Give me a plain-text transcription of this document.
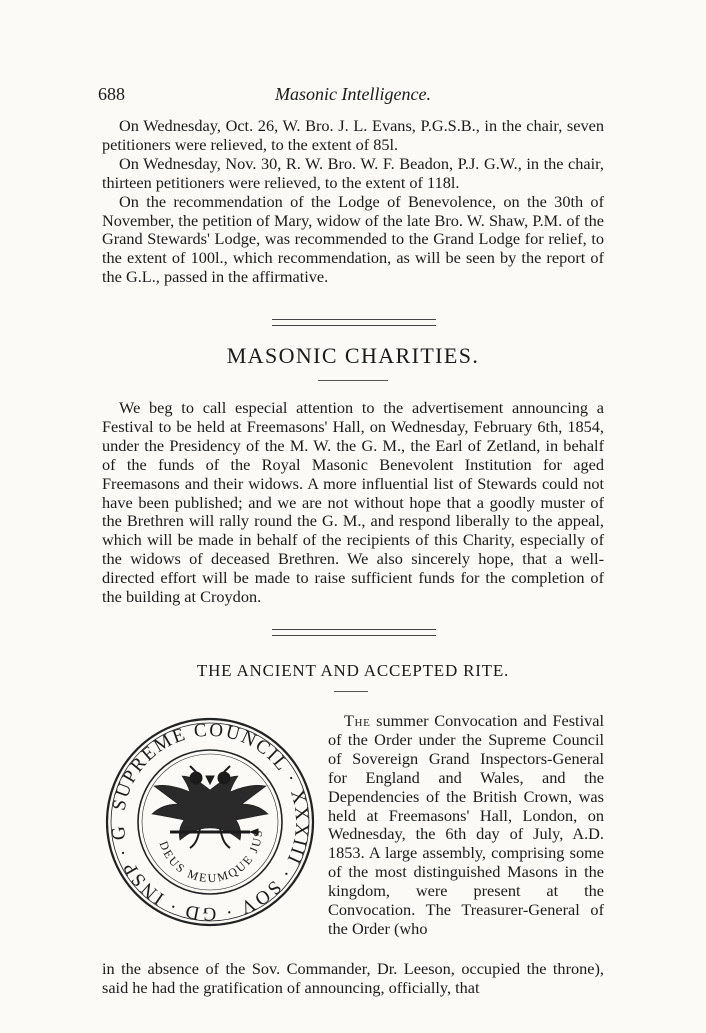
688	Masonic Intelligence.

On Wednesday, Oct. 26, W. Bro. J. L. Evans, P.G.S.B., in the chair, seven petitioners were relieved, to the extent of 85l.

On Wednesday, Nov. 30, R. W. Bro. W. F. Beadon, P.J. G.W., in the chair, thirteen petitioners were relieved, to the extent of 118l.

On the recommendation of the Lodge of Benevolence, on the 30th of November, the petition of Mary, widow of the late Bro. W. Shaw, P.M. of the Grand Stewards' Lodge, was recommended to the Grand Lodge for relief, to the extent of 100l., which recommendation, as will be seen by the report of the G.L., passed in the affirmative.

MASONIC CHARITIES.

We beg to call especial attention to the advertisement announcing a Festival to be held at Freemasons' Hall, on Wednesday, February 6th, 1854, under the Presidency of the M. W. the G. M., the Earl of Zetland, in behalf of the funds of the Royal Masonic Benevolent Institution for aged Freemasons and their widows. A more influential list of Stewards could not have been published; and we are not without hope that a goodly muster of the Brethren will rally round the G. M., and respond liberally to the appeal, which will be made in behalf of the recipients of this Charity, especially of the widows of deceased Brethren. We also sincerely hope, that a well-directed effort will be made to raise sufficient funds for the completion of the building at Croydon.

THE ANCIENT AND ACCEPTED RITE.
SUPREME COUNCIL · XXXIII · SOV · GD · INSP · G
DEUS MEUMQUE JUS

The summer Convocation and Festival of the Order under the Supreme Council of Sovereign Grand Inspectors-General for England and Wales, and the Dependencies of the British Crown, was held at Freemasons' Hall, London, on Wednesday, the 6th day of July, A.D. 1853. A large assembly, comprising some of the most distinguished Masons in the kingdom, were present at the Convocation. The Treasurer-General of the Order (who

in the absence of the Sov. Commander, Dr. Leeson, occupied the throne), said he had the gratification of announcing, officially, that
